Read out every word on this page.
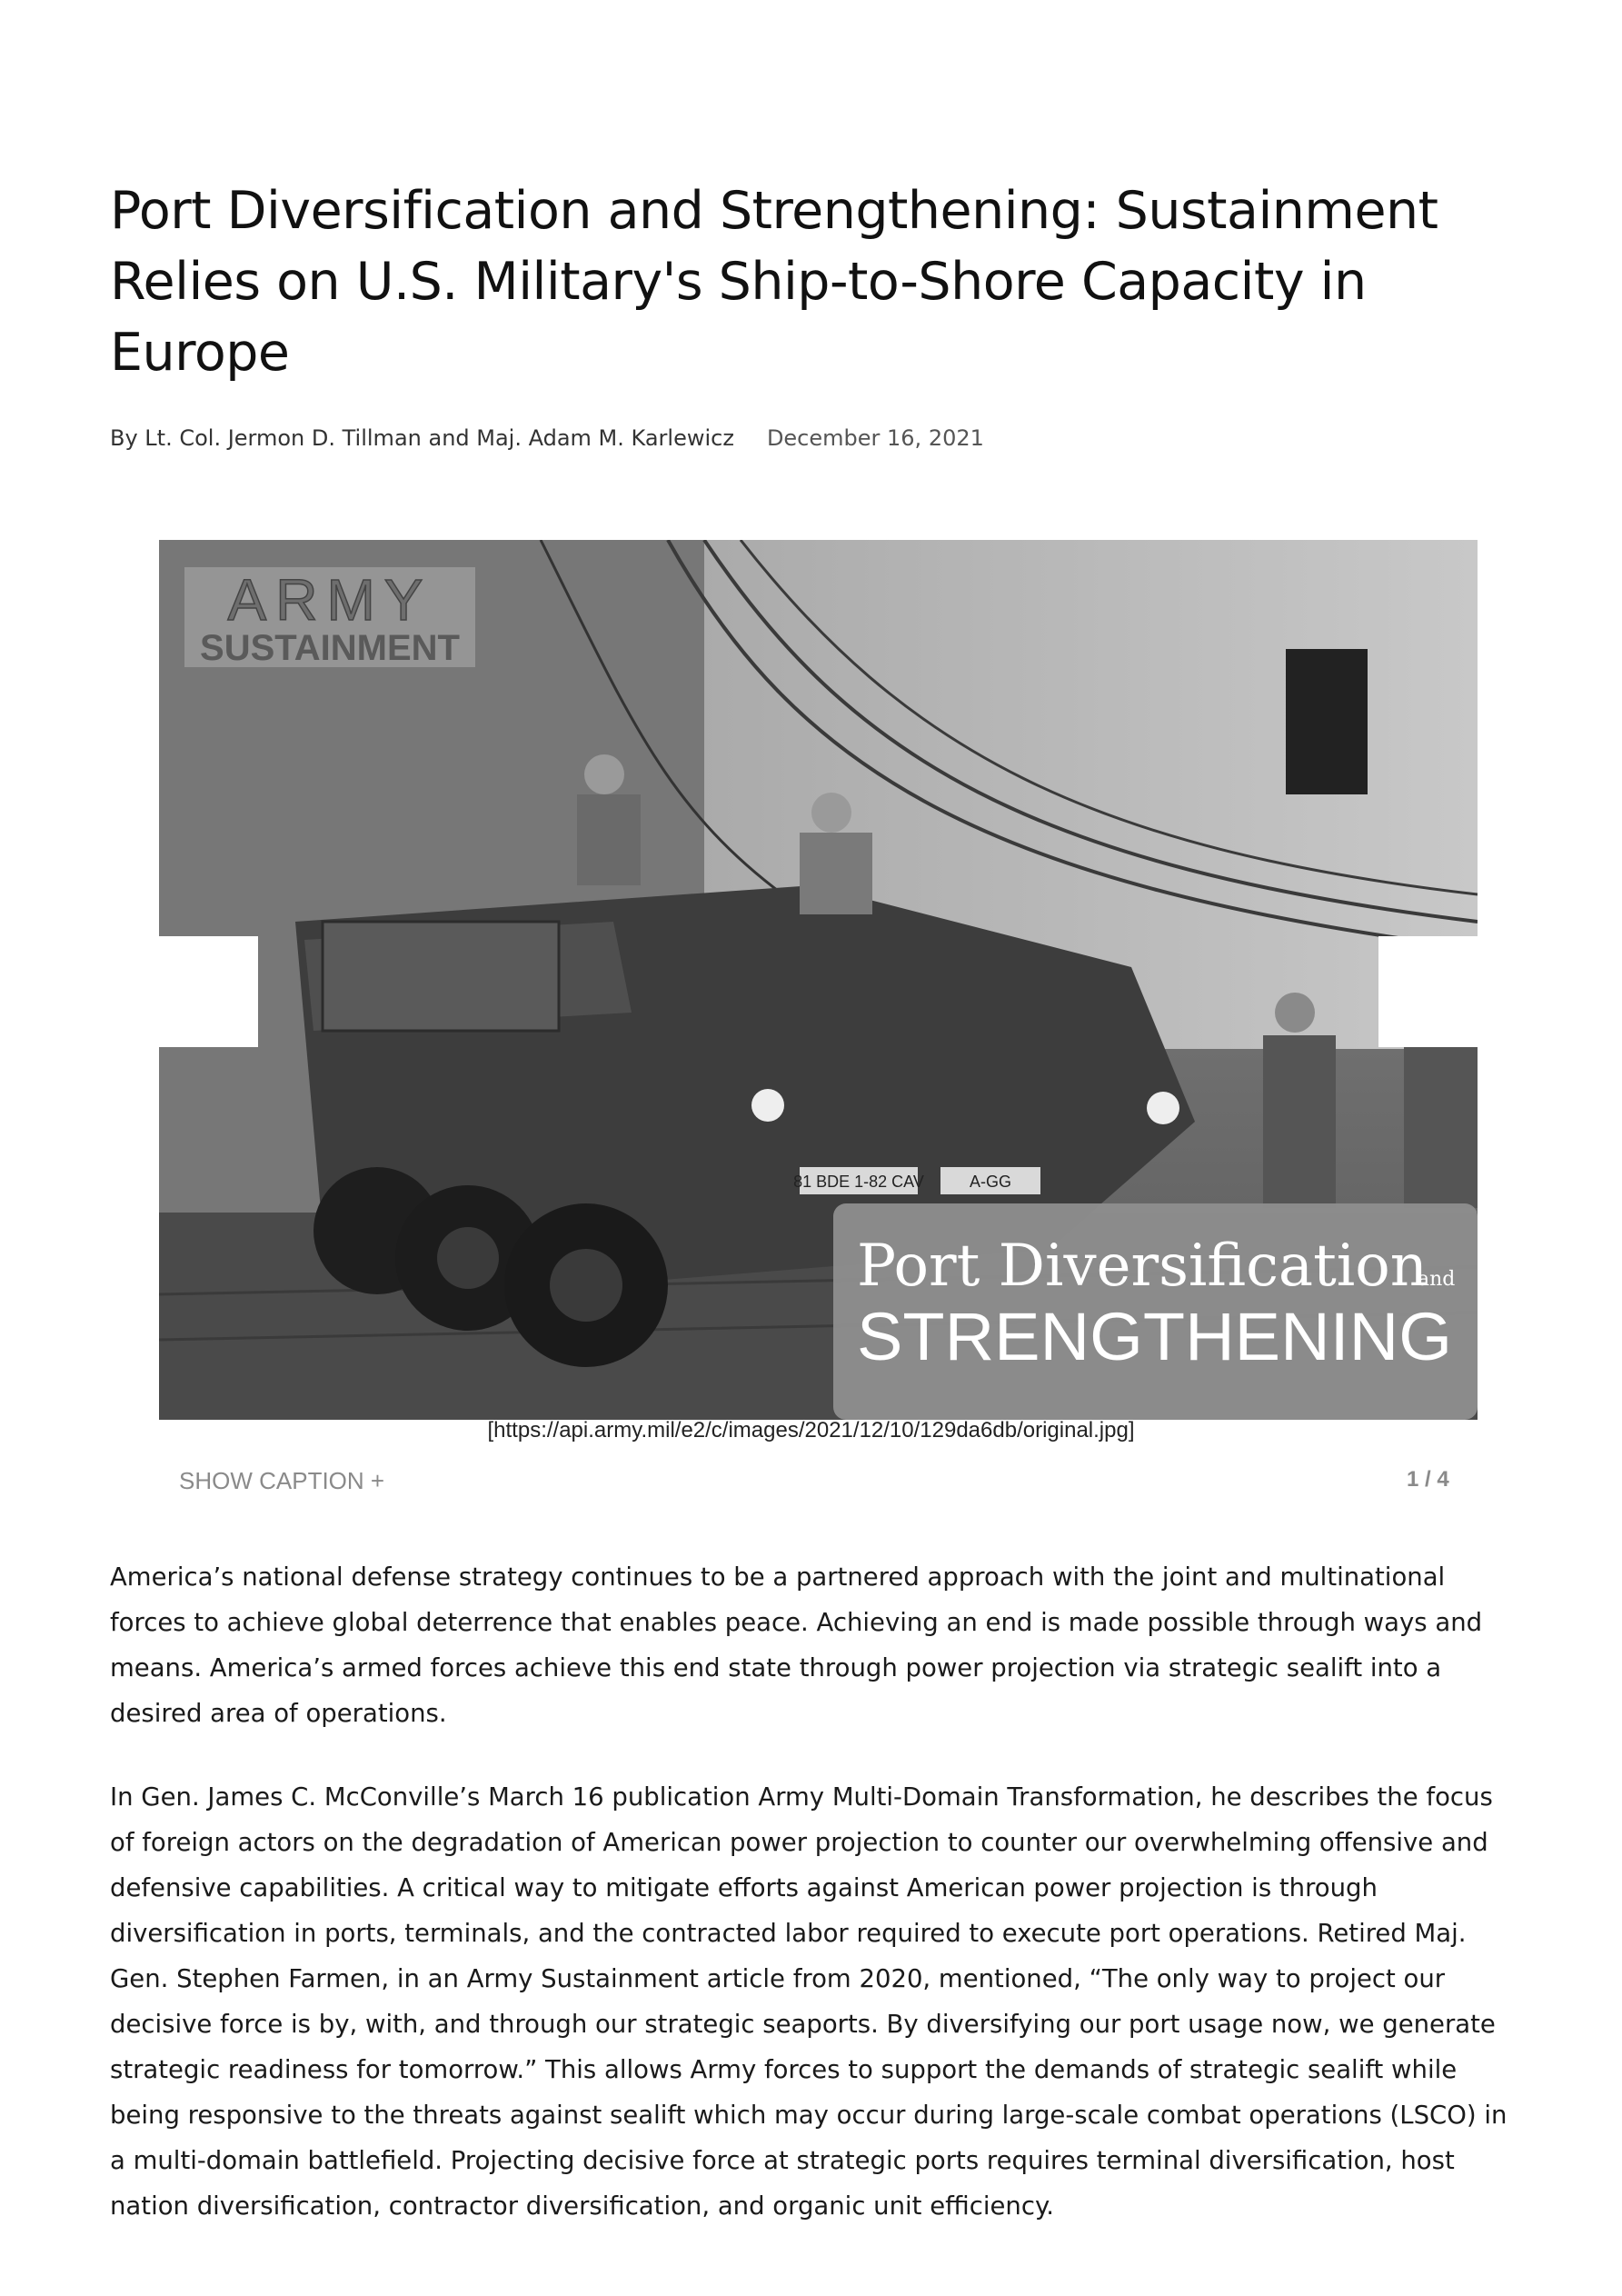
Port Diversification and Strengthening: Sustainment Relies on U.S. Military's Ship-to-Shore Capacity in Europe
By Lt. Col. Jermon D. Tillman and Maj. Adam M. Karlewicz December 16, 2021
81 BDE 1-82 CAV	A-GG
ARMY
SUSTAINMENT
Port Diversification
and
STRENGTHENING
[https://api.army.mil/e2/c/images/2021/12/10/129da6db/original.jpg]
SHOW CAPTION +	1 / 4

America’s national defense strategy continues to be a partnered approach with the joint and multinational forces to achieve global deterrence that enables peace. Achieving an end is made possible through ways and means. America’s armed forces achieve this end state through power projection via strategic sealift into a desired area of operations.

In Gen. James C. McConville’s March 16 publication Army Multi-Domain Transformation, he describes the focus of foreign actors on the degradation of American power projection to counter our overwhelming offensive and defensive capabilities. A critical way to mitigate efforts against American power projection is through diversification in ports, terminals, and the contracted labor required to execute port operations. Retired Maj. Gen. Stephen Farmen, in an Army Sustainment article from 2020, mentioned, “The only way to project our decisive force is by, with, and through our strategic seaports. By diversifying our port usage now, we generate strategic readiness for tomorrow.” This allows Army forces to support the demands of strategic sealift while being responsive to the threats against sealift which may occur during large-scale combat operations (LSCO) in a multi-domain battlefield. Projecting decisive force at strategic ports requires terminal diversification, host nation diversification, contractor diversification, and organic unit efficiency.
